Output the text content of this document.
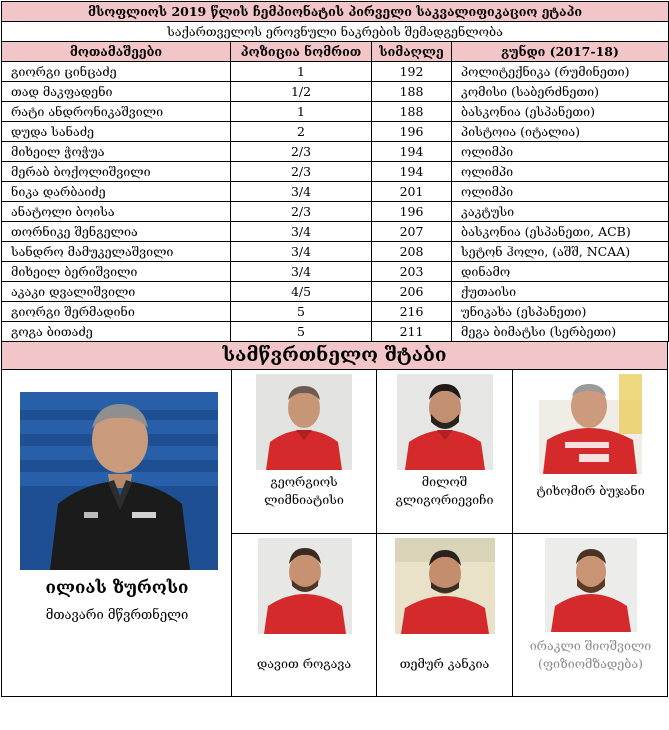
მსოფლიოს 2019 წლის ჩემპიონატის პირველი საკვალიფიკაციო ეტაპი			
საქართველოს ეროვნული ნაკრების შემადგენლობა			
მოთამაშეები	პოზიცია ნომრით	სიმაღლე	გუნდი (2017-18)
გიორგი ცინცაძე	1	192	პოლიტექნიკა (რუმინეთი)
თად მაკფადენი	1/2	188	კომისი (საბერძნეთი)
რატი ანდრონიკაშვილი	1	188	ბასკონია (ესპანეთი)
დუდა სანაძე	2	196	პისტოია (იტალია)
მიხეილ ჭოჭუა	2/3	194	ოლიმპი
მერაბ ბოქოლიშვილი	2/3	194	ოლიმპი
ნიკა დარბაიძე	3/4	201	ოლიმპი
ანატოლი ბოისა	2/3	196	კაკტუსი
თორნიკე შენგელია	3/4	207	ბასკონია (ესპანეთი, ACB)
სანდრო მამუკელაშვილი	3/4	208	სეტონ ჰოლი, (აშშ, NCAA)
მიხეილ ბერიშვილი	3/4	203	დინამო
აკაკი დვალიშვილი	4/5	206	ქუთაისი
გიორგი შერმადინი	5	216	უნიკახა (ესპანეთი)
გოგა ბითაძე	5	211	მეგა ბიმატსი (სერბეთი)
სამწვრთნელო შტაბი
ილიას ზუროსი
მთავარი მწვრთნელი
გეორგიოს
ლიმნიატისი
მილოშ
გლიგორიევიჩი
ტიხომირ ბუჯანი
დავით როგავა	თემურ კანკია
ირაკლი შიოშვილი
(ფიზიომზადება)
